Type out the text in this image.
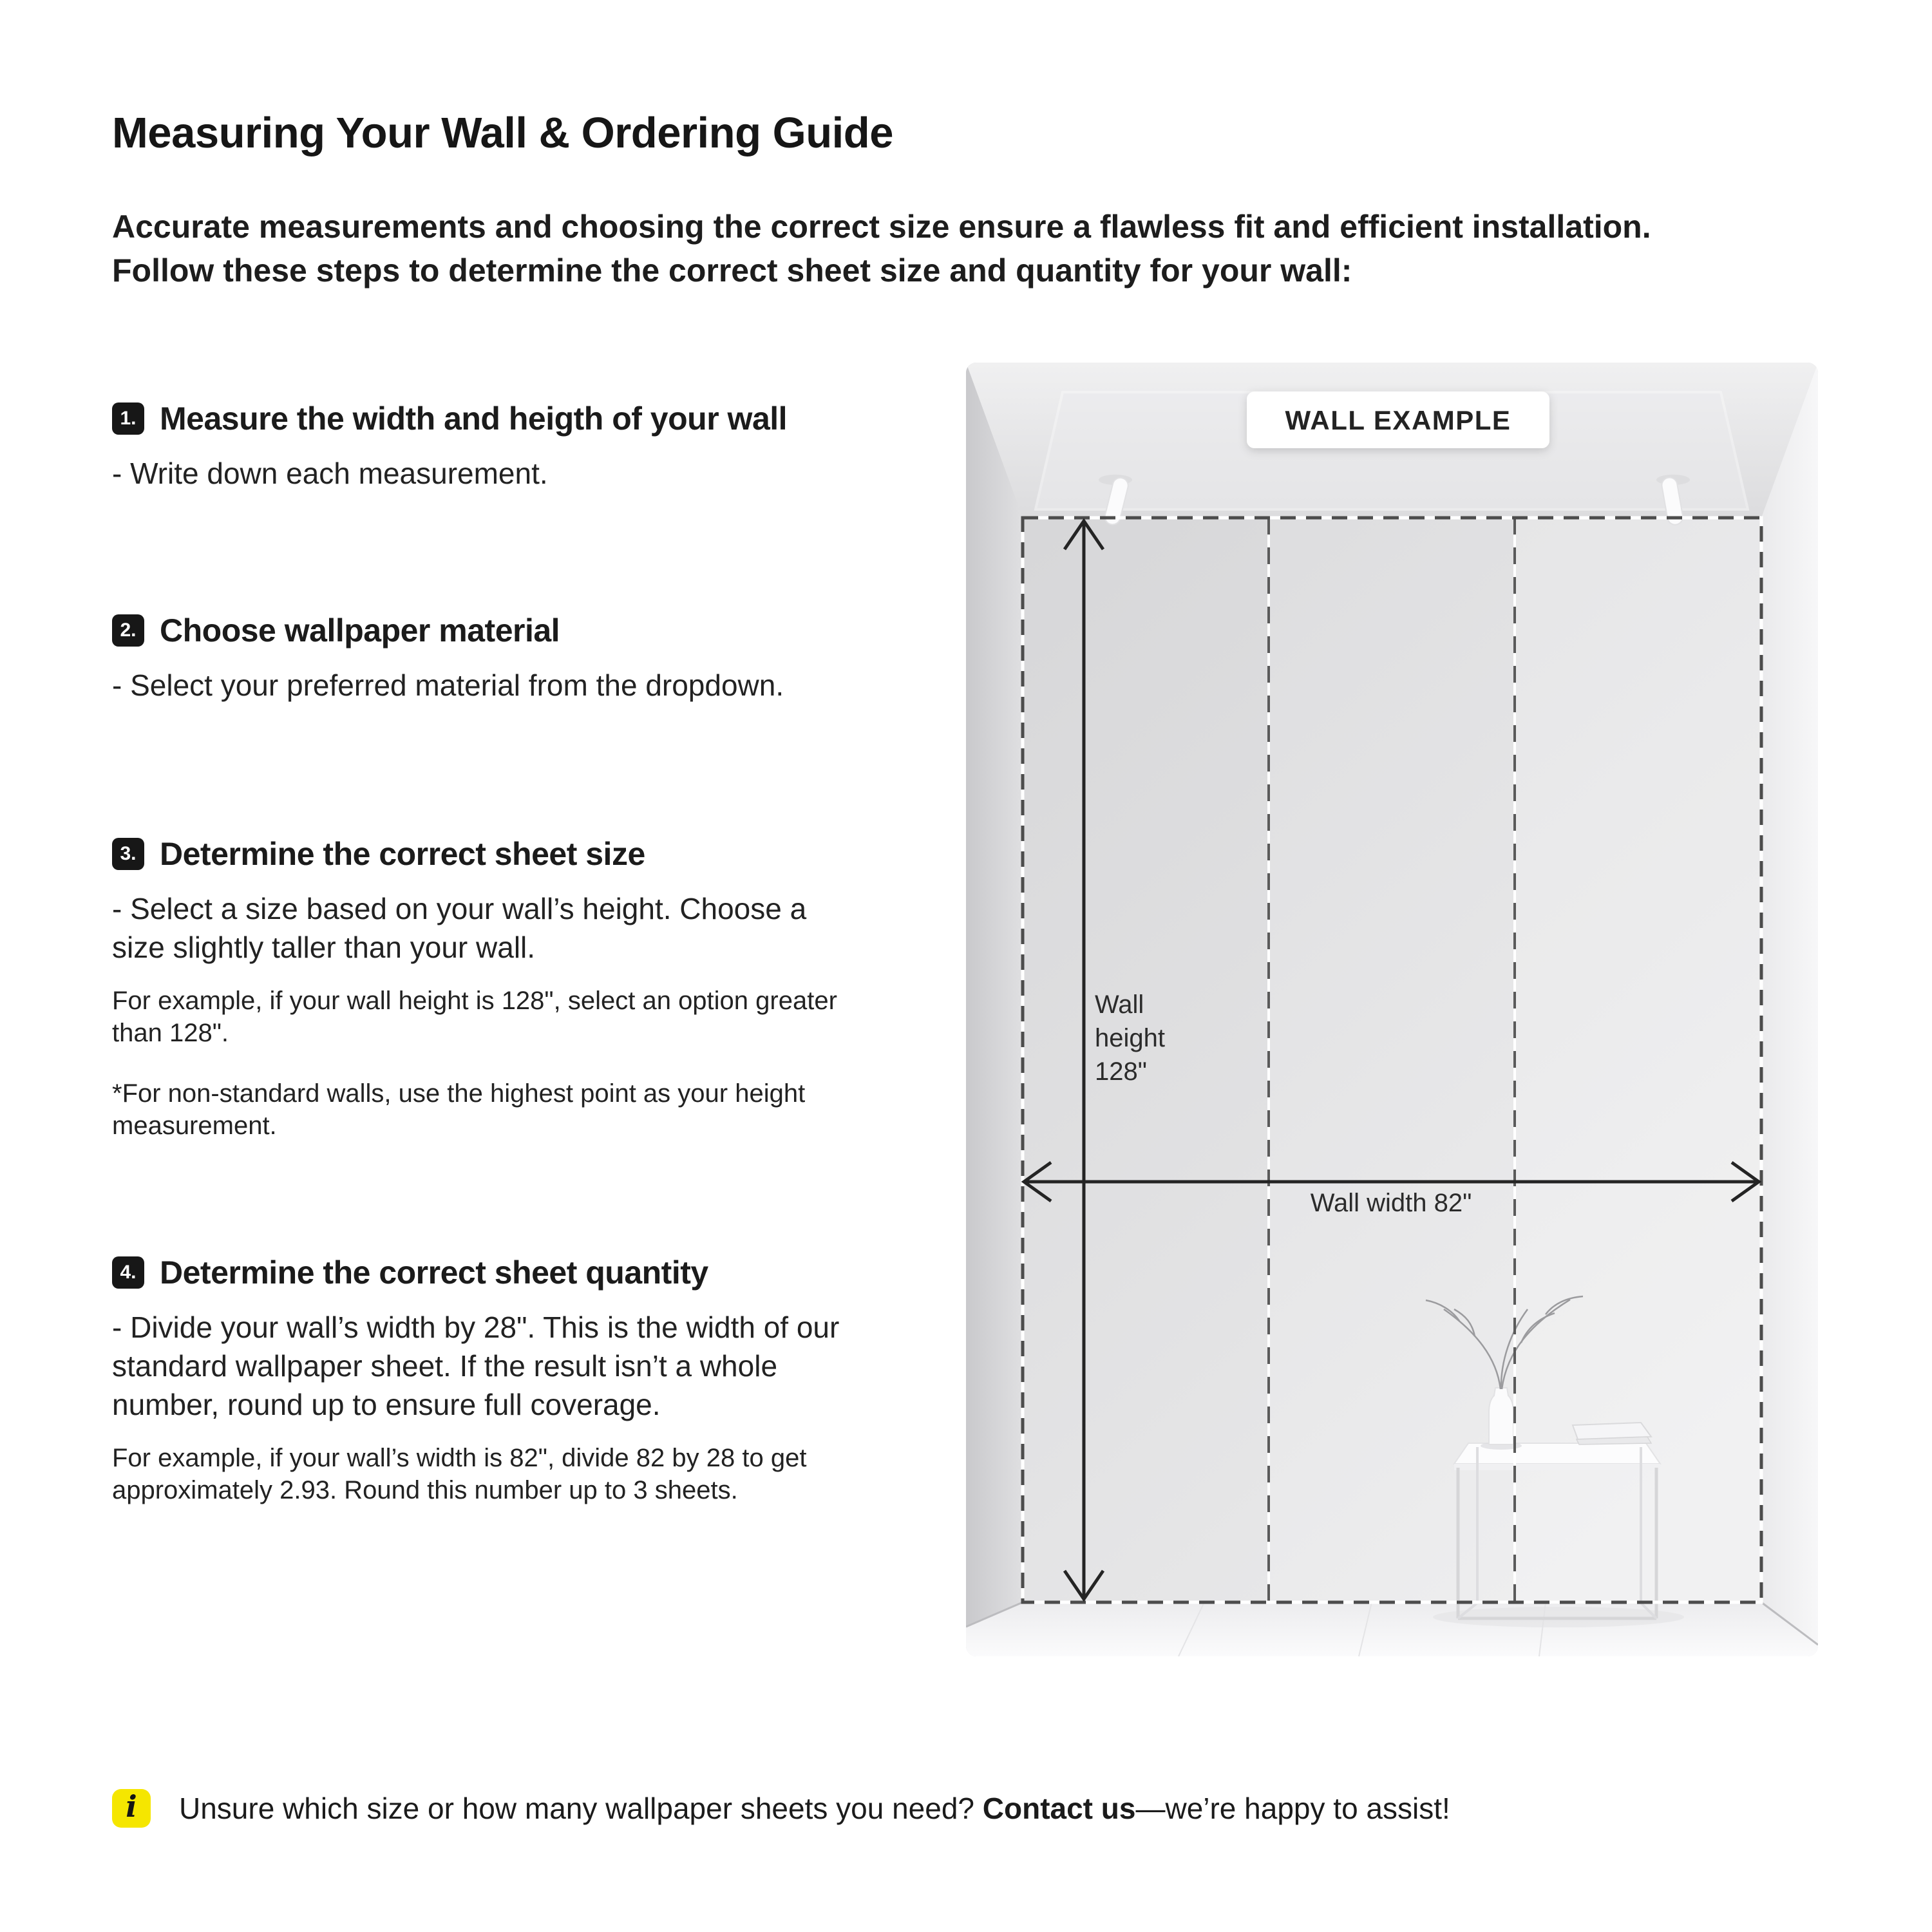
Measuring Your Wall & Ordering Guide

Accurate measurements and choosing the correct size ensure a flawless fit and efficient installation. Follow these steps to determine the correct sheet size and quantity for your wall:

1. Measure the width and heigth of your wall

- Write down each measurement.

2. Choose wallpaper material

- Select your preferred material from the dropdown.

3. Determine the correct sheet size

- Select a size based on your wall’s height. Choose a size slightly taller than your wall.

For example, if your wall height is 128", select an option greater than 128".

*For non-standard walls, use the highest point as your height measurement.

4. Determine the correct sheet quantity

- Divide your wall’s width by 28". This is the width of our standard wallpaper sheet. If the result isn’t a whole number, round up to ensure full coverage.

For example, if your wall’s width is 82", divide 82 by 28 to get approximately 2.93. Round this number up to 3 sheets.

Wall
height
128"
Wall width 82"
WALL EXAMPLE
i Unsure which size or how many wallpaper sheets you need? Contact us—we’re happy to assist!
